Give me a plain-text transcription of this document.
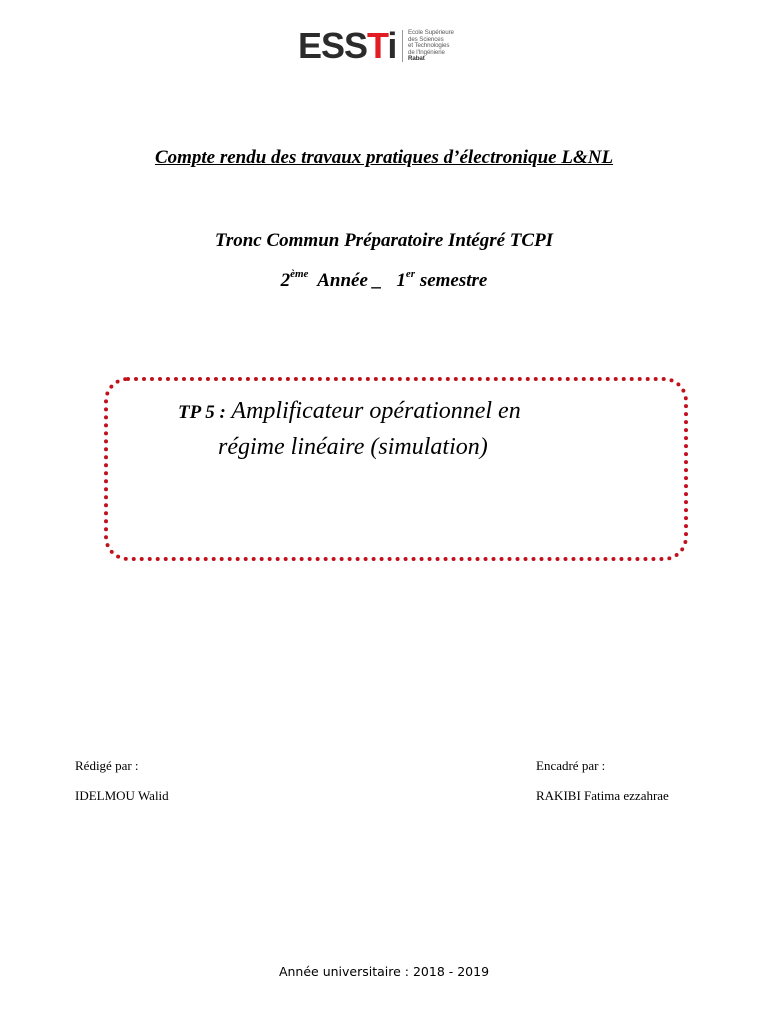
ESSTi Ecole Supérieure
des Sciences
et Technologies
de l'Ingénierie
Rabat
Compte rendu des travaux pratiques d’électronique L&NL
Tronc Commun Préparatoire Intégré TCPI
2ème  Année _   1er semestre
TP 5 : Amplificateur opérationnel en
régime linéaire (simulation)
Rédigé par :
IDELMOU Walid
Encadré par :
RAKIBI Fatima ezzahrae
Année universitaire : 2018 - 2019
